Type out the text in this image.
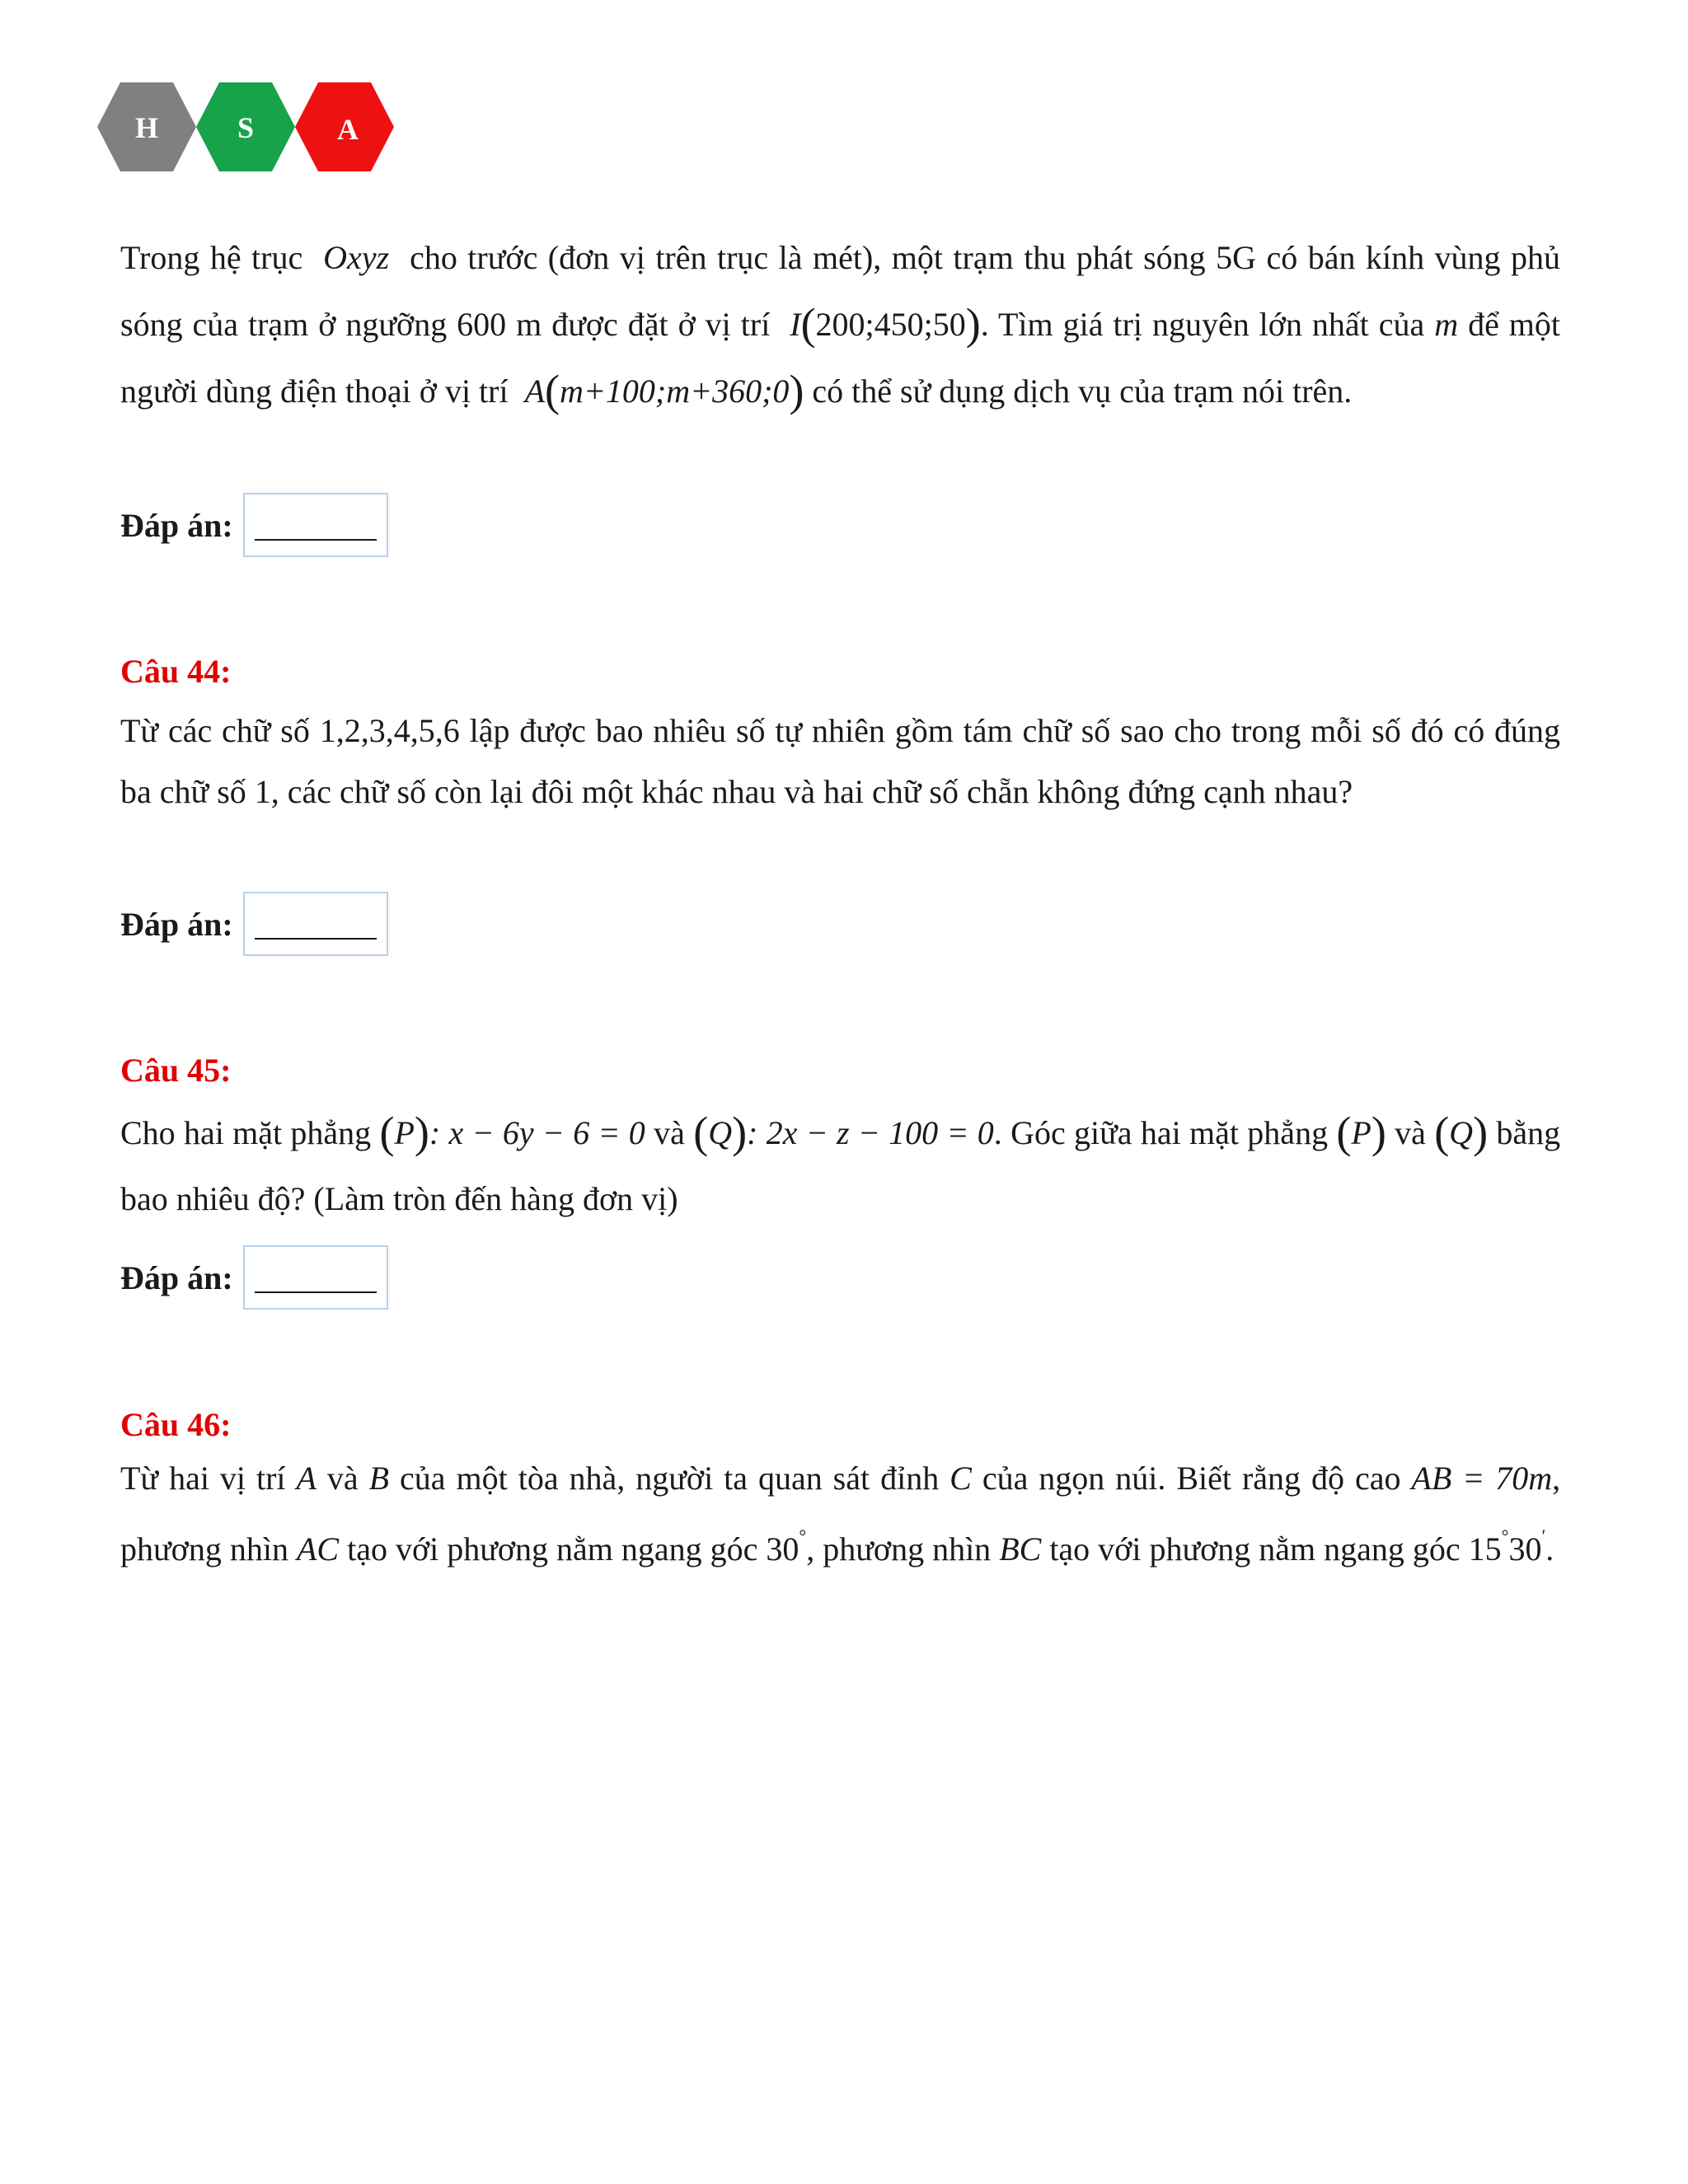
H	S	A

Trong hệ trục Oxyz cho trước (đơn vị trên trục là mét), một trạm thu phát sóng 5G có bán kính vùng phủ sóng của trạm ở ngưỡng 600 m được đặt ở vị trí I(200;450;50). Tìm giá trị nguyên lớn nhất của m để một người dùng điện thoại ở vị trí A(m+100;m+360;0) có thể sử dụng dịch vụ của trạm nói trên.

Đáp án:

Câu 44:

Từ các chữ số 1,2,3,4,5,6 lập được bao nhiêu số tự nhiên gồm tám chữ số sao cho trong mỗi số đó có đúng ba chữ số 1, các chữ số còn lại đôi một khác nhau và hai chữ số chẵn không đứng cạnh nhau?

Đáp án:

Câu 45:

Cho hai mặt phẳng (P): x − 6y − 6 = 0 và (Q): 2x − z − 100 = 0. Góc giữa hai mặt phẳng (P) và (Q) bằng bao nhiêu độ? (Làm tròn đến hàng đơn vị)

Đáp án:

Câu 46:

Từ hai vị trí A và B của một tòa nhà, người ta quan sát đỉnh C của ngọn núi. Biết rằng độ cao AB = 70m, phương nhìn AC tạo với phương nằm ngang góc 30°, phương nhìn BC tạo với phương nằm ngang góc 15°30′.
